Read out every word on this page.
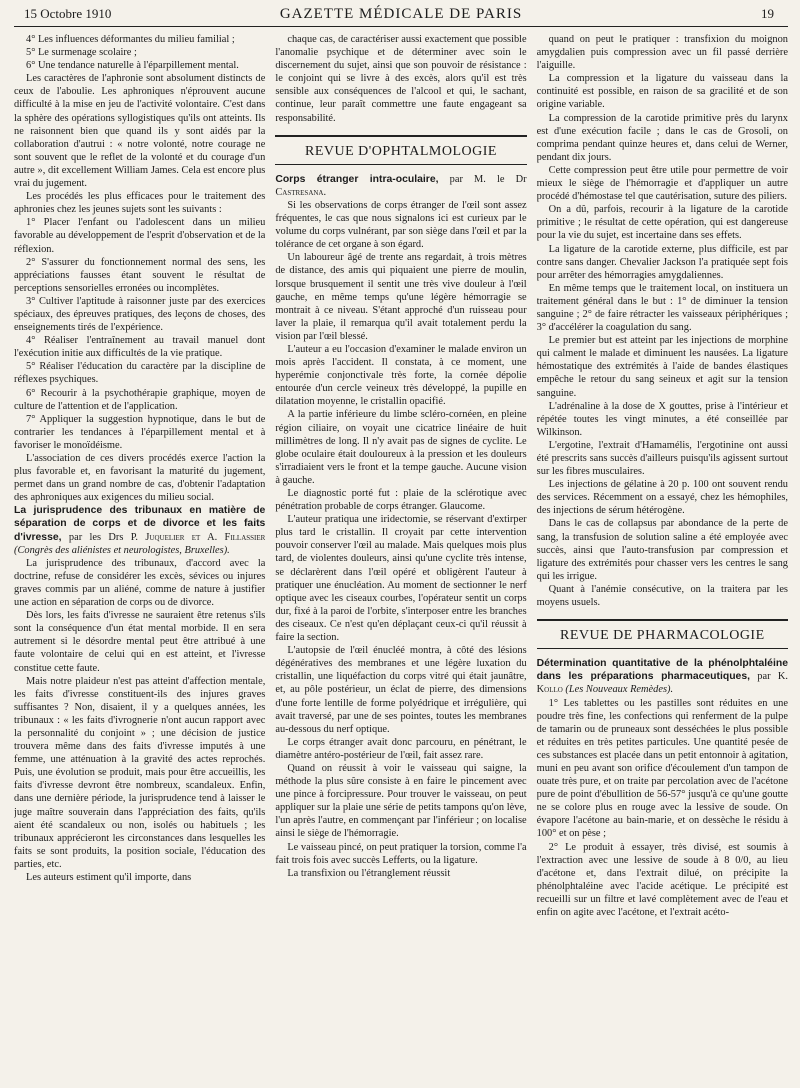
15 Octobre 1910	GAZETTE MÉDICALE DE PARIS	19

4° Les influences déformantes du milieu familial ;

5° Le surmenage scolaire ;

6° Une tendance naturelle à l'éparpillement mental.

Les caractères de l'aphronie sont absolument distincts de ceux de l'aboulie. Les aphroniques n'éprouvent aucune difficulté à la mise en jeu de l'activité volontaire. C'est dans la sphère des opérations syllogistiques qu'ils ont atteints. Ils ne raisonnent bien que quand ils y sont aidés par la collaboration d'autrui : « notre volonté, notre courage ne sont souvent que le reflet de la volonté et du courage d'un autre », dit excellement William James. Cela est encore plus vrai du jugement.

Les procédés les plus efficaces pour le traitement des aphronies chez les jeunes sujets sont les suivants :

1° Placer l'enfant ou l'adolescent dans un milieu favorable au développement de l'esprit d'observation et de la réflexion.

2° S'assurer du fonctionnement normal des sens, les appréciations fausses étant souvent le résultat de perceptions sensorielles erronées ou incomplètes.

3° Cultiver l'aptitude à raisonner juste par des exercices spéciaux, des épreuves pratiques, des leçons de choses, des enseignements tirés de l'expérience.

4° Réaliser l'entraînement au travail manuel dont l'exécution initie aux difficultés de la vie pratique.

5° Réaliser l'éducation du caractère par la discipline de réflexes psychiques.

6° Recourir à la psychothérapie graphique, moyen de culture de l'attention et de l'application.

7° Appliquer la suggestion hypnotique, dans le but de contrarier les tendances à l'éparpillement mental et à favoriser le monoïdéisme.

L'association de ces divers procédés exerce l'action la plus favorable et, en favorisant la maturité du jugement, permet dans un grand nombre de cas, d'obtenir l'adaptation des aphroniques aux exigences du milieu social.

La jurisprudence des tribunaux en matière de séparation de corps et de divorce et les faits d'ivresse, par les Drs P. Juquelier et A. Fillassier (Congrès des aliénistes et neurologistes, Bruxelles).

La jurisprudence des tribunaux, d'accord avec la doctrine, refuse de considérer les excès, sévices ou injures graves commis par un aliéné, comme de nature à justifier une action en séparation de corps ou de divorce.

Dès lors, les faits d'ivresse ne sauraient être retenus s'ils sont la conséquence d'un état mental morbide. Il en sera autrement si le désordre mental peut être attribué à une faute volontaire de celui qui en est atteint, et l'ivresse constitue cette faute.

Mais notre plaideur n'est pas atteint d'affection mentale, les faits d'ivresse constituent-ils des injures graves suffisantes ? Non, disaient, il y a quelques années, les tribunaux : « les faits d'ivrognerie n'ont aucun rapport avec la personnalité du conjoint » ; une décision de justice trouvera même dans des faits d'ivresse imputés à une femme, une atténuation à la gravité des actes reprochés. Puis, une évolution se produit, mais pour être accueillis, les faits d'ivresse devront être nombreux, scandaleux. Enfin, dans une dernière période, la jurisprudence tend à laisser le juge maître souverain dans l'appréciation des faits, qu'ils aient été scandaleux ou non, isolés ou habituels ; les tribunaux apprécieront les circonstances dans lesquelles les faits se sont produits, la position sociale, l'éducation des parties, etc.

Les auteurs estiment qu'il importe, dans

chaque cas, de caractériser aussi exactement que possible l'anomalie psychique et de déterminer avec soin le discernement du sujet, ainsi que son pouvoir de résistance : le conjoint qui se livre à des excès, alors qu'il est très sensible aux conséquences de l'alcool et qui, le sachant, continue, leur paraît commettre une faute engageant sa responsabilité.

REVUE D'OPHTALMOLOGIE

Corps étranger intra-oculaire, par M. le Dr Castresana.

Si les observations de corps étranger de l'œil sont assez fréquentes, le cas que nous signalons ici est curieux par le volume du corps vulnérant, par son siège dans l'œil et par la tolérance de cet organe à son égard.

Un laboureur âgé de trente ans regardait, à trois mètres de distance, des amis qui piquaient une pierre de moulin, lorsque brusquement il sentit une très vive douleur à l'œil gauche, en même temps qu'une légère hémorragie se montrait à ce niveau. S'étant approché d'un ruisseau pour laver la plaie, il remarqua qu'il avait totalement perdu la vision par l'œil blessé.

L'auteur a eu l'occasion d'examiner le malade environ un mois après l'accident. Il constata, à ce moment, une hyperémie conjonctivale très forte, la cornée dépolie entourée d'un cercle veineux très développé, la pupille en dilatation moyenne, le cristallin opacifié.

A la partie inférieure du limbe scléro-cornéen, en pleine région ciliaire, on voyait une cicatrice linéaire de huit millimètres de long. Il n'y avait pas de signes de cyclite. Le globe oculaire était douloureux à la pression et les douleurs s'irradiaient vers le front et la tempe gauche. Aucune vision à gauche.

Le diagnostic porté fut : plaie de la sclérotique avec pénétration probable de corps étranger. Glaucome.

L'auteur pratiqua une iridectomie, se réservant d'extirper plus tard le cristallin. Il croyait par cette intervention pouvoir conserver l'œil au malade. Mais quelques mois plus tard, de violentes douleurs, ainsi qu'une cyclite très intense, se déclarèrent dans l'œil opéré et obligèrent l'auteur à pratiquer une énucléation. Au moment de sectionner le nerf optique avec les ciseaux courbes, l'opérateur sentit un corps dur, fixé à la paroi de l'orbite, s'interposer entre les branches des ciseaux. Ce n'est qu'en déplaçant ceux-ci qu'il réussit à faire la section.

L'autopsie de l'œil énucléé montra, à côté des lésions dégénératives des membranes et une légère luxation du cristallin, une liquéfaction du corps vitré qui était jaunâtre, et, au pôle postérieur, un éclat de pierre, des dimensions d'une forte lentille de forme polyédrique et irrégulière, qui avait traversé, par une de ses pointes, toutes les membranes au-dessous du nerf optique.

Le corps étranger avait donc parcouru, en pénétrant, le diamètre antéro-postérieur de l'œil, fait assez rare.

Quand on réussit à voir le vaisseau qui saigne, la méthode la plus sûre consiste à en faire le pincement avec une pince à forcipressure. Pour trouver le vaisseau, on peut appliquer sur la plaie une série de petits tampons qu'on lève, l'un après l'autre, en commençant par l'inférieur ; on localise ainsi le siège de l'hémorragie.

Le vaisseau pincé, on peut pratiquer la torsion, comme l'a fait trois fois avec succès Lefferts, ou la ligature.

La transfixion ou l'étranglement réussit

quand on peut le pratiquer : transfixion du moignon amygdalien puis compression avec un fil passé derrière l'aiguille.

La compression et la ligature du vaisseau dans la continuité est possible, en raison de sa gracilité et de son origine variable.

La compression de la carotide primitive près du larynx est d'une exécution facile ; dans le cas de Grosoli, on comprima pendant quinze heures et, dans celui de Werner, pendant dix jours.

Cette compression peut être utile pour permettre de voir mieux le siège de l'hémorragie et d'appliquer un autre procédé d'hémostase tel que cautérisation, suture des piliers.

On a dû, parfois, recourir à la ligature de la carotide primitive ; le résultat de cette opération, qui est dangereuse pour la vie du sujet, est incertaine dans ses effets.

La ligature de la carotide externe, plus difficile, est par contre sans danger. Chevalier Jackson l'a pratiquée sept fois pour arrêter des hémorragies amygdaliennes.

En même temps que le traitement local, on instituera un traitement général dans le but : 1° de diminuer la tension sanguine ; 2° de faire rétracter les vaisseaux périphériques ; 3° d'accélérer la coagulation du sang.

Le premier but est atteint par les injections de morphine qui calment le malade et diminuent les nausées. La ligature hémostatique des extrémités à l'aide de bandes élastiques empêche le retour du sang seineux et agit sur la tension sanguine.

L'adrénaline à la dose de X gouttes, prise à l'intérieur et répétée toutes les vingt minutes, a été conseillée par Wilkinson.

L'ergotine, l'extrait d'Hamamélis, l'ergotinine ont aussi été prescrits sans succès d'ailleurs puisqu'ils agissent surtout sur les fibres musculaires.

Les injections de gélatine à 20 p. 100 ont souvent rendu des services. Récemment on a essayé, chez les hémophiles, des injections de sérum hétérogène.

Dans le cas de collapsus par abondance de la perte de sang, la transfusion de solution saline a été employée avec succès, ainsi que l'auto-transfusion par compression et ligature des extrémités pour chasser vers les centres le sang qui les irrigue.

Quant à l'anémie consécutive, on la traitera par les moyens usuels.

REVUE DE PHARMACOLOGIE

Détermination quantitative de la phénolphtaléine dans les préparations pharmaceutiques, par K. Kollo (Les Nouveaux Remèdes).

1° Les tablettes ou les pastilles sont réduites en une poudre très fine, les confections qui renferment de la pulpe de tamarin ou de pruneaux sont desséchées le plus possible et réduites en très petites particules. Une quantité pesée de ces substances est placée dans un petit entonnoir à agitation, muni en peu avant son orifice d'écoulement d'un tampon de ouate très pure, et on traite par percolation avec de l'acétone pure de point d'ébullition de 56-57° jusqu'à ce qu'une goutte ne se colore plus en rouge avec la lessive de soude. On évapore l'acétone au bain-marie, et on dessèche le résidu à 100° et on pèse ;

2° Le produit à essayer, très divisé, est soumis à l'extraction avec une lessive de soude à 8 0/0, au lieu d'acétone et, dans l'extrait dilué, on précipite la phénolphtaléine avec l'acide acétique. Le précipité est recueilli sur un filtre et lavé complètement avec de l'eau et enfin on agite avec l'acétone, et l'extrait acéto-
